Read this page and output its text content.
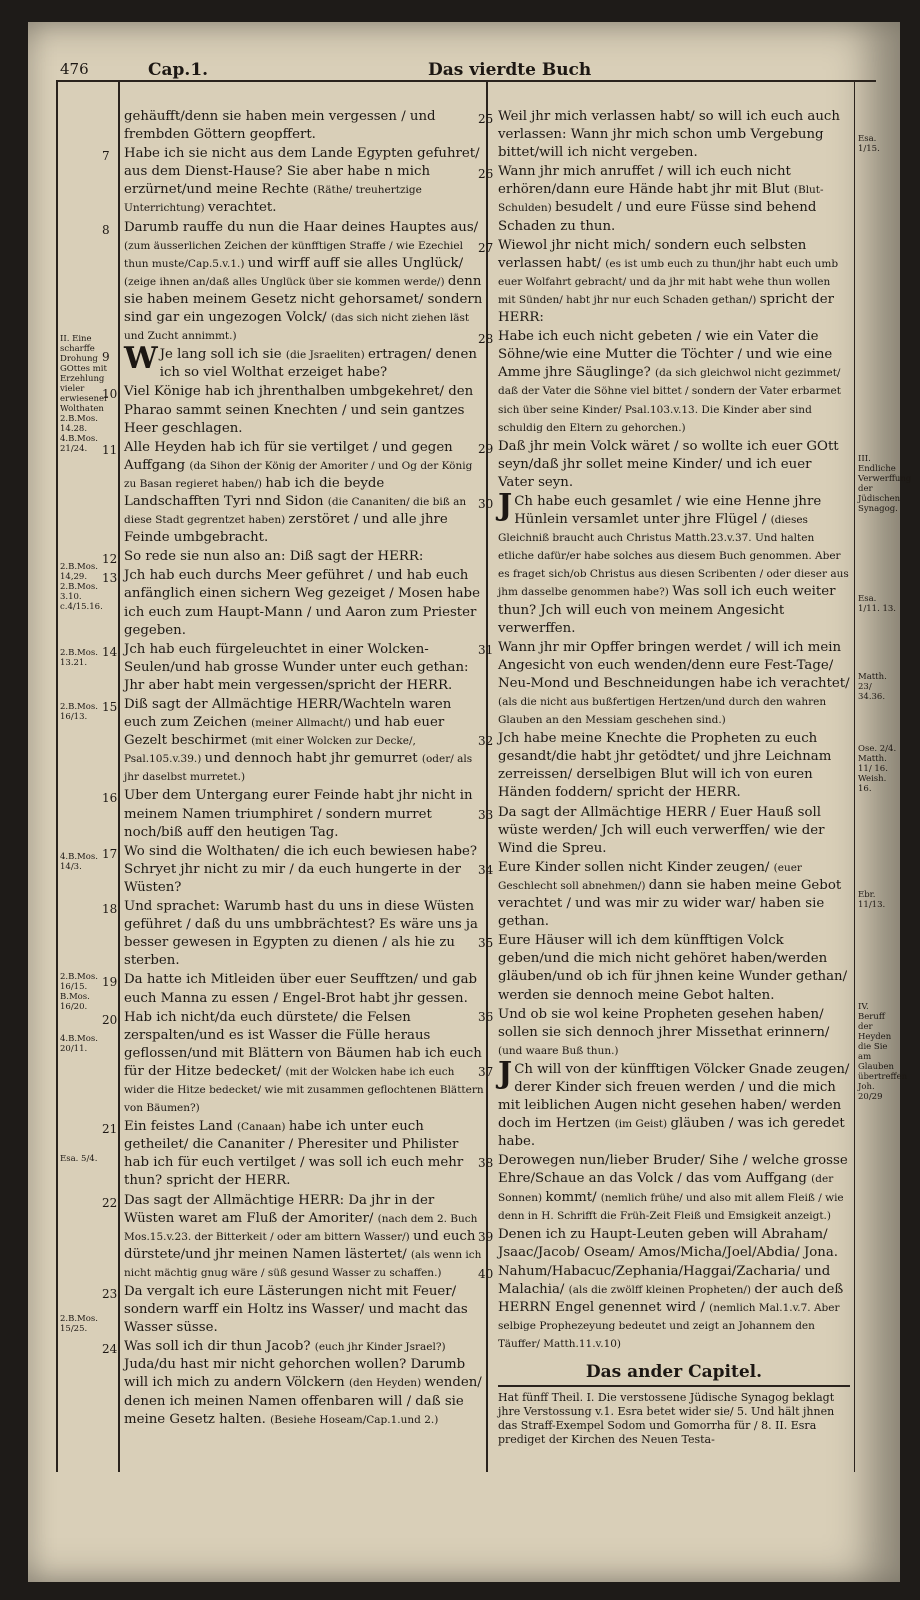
476	Cap.1.	Das vierdte Buch

gehäufft/denn sie haben mein vergessen / und frembden Göttern geopffert.

7 Habe ich sie nicht aus dem Lande Egypten gefuhret/ aus dem Dienst-Hause? Sie aber habe n mich erzürnet/und meine Rechte (Räthe/ treuhertzige Unterrichtung) verachtet.

8 Darumb rauffe du nun die Haar deines Hauptes aus/ (zum äusserlichen Zeichen der künfftigen Straffe / wie Ezechiel thun muste/Cap.5.v.1.) und wirff auff sie alles Unglück/ (zeige ihnen an/daß alles Unglück über sie kommen werde/) denn sie haben meinem Gesetz nicht gehorsamet/ sondern sind gar ein ungezogen Volck/ (das sich nicht ziehen läst und Zucht annimmt.)

9 W Je lang soll ich sie (die Jsraeliten) ertragen/ denen ich so viel Wolthat erzeiget habe?

10 Viel Könige hab ich jhrenthalben umbgekehret/ den Pharao sammt seinen Knechten / und sein gantzes Heer geschlagen.

11 Alle Heyden hab ich für sie vertilget / und gegen Auffgang (da Sihon der König der Amoriter / und Og der König zu Basan regieret haben/) hab ich die beyde Landschafften Tyri nnd Sidon (die Cananiten/ die biß an diese Stadt gegrentzet haben) zerstöret / und alle jhre Feinde umbgebracht.

12 So rede sie nun also an: Diß sagt der HERR:

13 Jch hab euch durchs Meer geführet / und hab euch anfänglich einen sichern Weg gezeiget / Mosen habe ich euch zum Haupt-Mann / und Aaron zum Priester gegeben.

14 Jch hab euch fürgeleuchtet in einer Wolcken-Seulen/und hab grosse Wunder unter euch gethan: Jhr aber habt mein vergessen/spricht der HERR.

15 Diß sagt der Allmächtige HERR/Wachteln waren euch zum Zeichen (meiner Allmacht/) und hab euer Gezelt beschirmet (mit einer Wolcken zur Decke/, Psal.105.v.39.) und dennoch habt jhr gemurret (oder/ als jhr daselbst murretet.)

16 Uber dem Untergang eurer Feinde habt jhr nicht in meinem Namen triumphiret / sondern murret noch/biß auff den heutigen Tag.

17 Wo sind die Wolthaten/ die ich euch bewiesen habe? Schryet jhr nicht zu mir / da euch hungerte in der Wüsten?

18 Und sprachet: Warumb hast du uns in diese Wüsten geführet / daß du uns umbbrächtest? Es wäre uns ja besser gewesen in Egypten zu dienen / als hie zu sterben.

19 Da hatte ich Mitleiden über euer Seufftzen/ und gab euch Manna zu essen / Engel-Brot habt jhr gessen.

20 Hab ich nicht/da euch dürstete/ die Felsen zerspalten/und es ist Wasser die Fülle heraus geflossen/und mit Blättern von Bäumen hab ich euch für der Hitze bedecket/ (mit der Wolcken habe ich euch wider die Hitze bedecket/ wie mit zusammen geflochtenen Blättern von Bäumen?)

21 Ein feistes Land (Canaan) habe ich unter euch getheilet/ die Cananiter / Pheresiter und Philister hab ich für euch vertilget / was soll ich euch mehr thun? spricht der HERR.

22 Das sagt der Allmächtige HERR: Da jhr in der Wüsten waret am Fluß der Amoriter/ (nach dem 2. Buch Mos.15.v.23. der Bitterkeit / oder am bittern Wasser/) und euch dürstete/und jhr meinen Namen lästertet/ (als wenn ich nicht mächtig gnug wäre / süß gesund Wasser zu schaffen.)

23 Da vergalt ich eure Lästerungen nicht mit Feuer/ sondern warff ein Holtz ins Wasser/ und macht das Wasser süsse.

24 Was soll ich dir thun Jacob? (euch jhr Kinder Jsrael?) Juda/du hast mir nicht gehorchen wollen? Darumb will ich mich zu andern Völckern (den Heyden) wenden/ denen ich meinen Namen offenbaren will / daß sie meine Gesetz halten. (Besiehe Hoseam/Cap.1.und 2.)

25 Weil jhr mich verlassen habt/ so will ich euch auch verlassen: Wann jhr mich schon umb Vergebung bittet/will ich nicht vergeben.

26 Wann jhr mich anruffet / will ich euch nicht erhören/dann eure Hände habt jhr mit Blut (Blut-Schulden) besudelt / und eure Füsse sind behend Schaden zu thun.

27 Wiewol jhr nicht mich/ sondern euch selbsten verlassen habt/ (es ist umb euch zu thun/jhr habt euch umb euer Wolfahrt gebracht/ und da jhr mit habt wehe thun wollen mit Sünden/ habt jhr nur euch Schaden gethan/) spricht der HERR:

28 Habe ich euch nicht gebeten / wie ein Vater die Söhne/wie eine Mutter die Töchter / und wie eine Amme jhre Säuglinge? (da sich gleichwol nicht gezimmet/ daß der Vater die Söhne viel bittet / sondern der Vater erbarmet sich über seine Kinder/ Psal.103.v.13. Die Kinder aber sind schuldig den Eltern zu gehorchen.)

29 Daß jhr mein Volck wäret / so wollte ich euer GOtt seyn/daß jhr sollet meine Kinder/ und ich euer Vater seyn.

30 J Ch habe euch gesamlet / wie eine Henne jhre Hünlein versamlet unter jhre Flügel / (dieses Gleichniß braucht auch Christus Matth.23.v.37. Und halten etliche dafür/er habe solches aus diesem Buch genommen. Aber es fraget sich/ob Christus aus diesen Scribenten / oder dieser aus jhm dasselbe genommen habe?) Was soll ich euch weiter thun? Jch will euch von meinem Angesicht verwerffen.

31 Wann jhr mir Opffer bringen werdet / will ich mein Angesicht von euch wenden/denn eure Fest-Tage/ Neu-Mond und Beschneidungen habe ich verachtet/ (als die nicht aus bußfertigen Hertzen/und durch den wahren Glauben an den Messiam geschehen sind.)

32 Jch habe meine Knechte die Propheten zu euch gesandt/die habt jhr getödtet/ und jhre Leichnam zerreissen/ derselbigen Blut will ich von euren Händen foddern/ spricht der HERR.

33 Da sagt der Allmächtige HERR / Euer Hauß soll wüste werden/ Jch will euch verwerffen/ wie der Wind die Spreu.

34 Eure Kinder sollen nicht Kinder zeugen/ (euer Geschlecht soll abnehmen/) dann sie haben meine Gebot verachtet / und was mir zu wider war/ haben sie gethan.

35 Eure Häuser will ich dem künfftigen Volck geben/und die mich nicht gehöret haben/werden gläuben/und ob ich für jhnen keine Wunder gethan/ werden sie dennoch meine Gebot halten.

36 Und ob sie wol keine Propheten gesehen haben/ sollen sie sich dennoch jhrer Missethat erinnern/ (und waare Buß thun.)

37 J Ch will von der künfftigen Völcker Gnade zeugen/ derer Kinder sich freuen werden / und die mich mit leiblichen Augen nicht gesehen haben/ werden doch im Hertzen (im Geist) gläuben / was ich geredet habe.

38 Derowegen nun/lieber Bruder/ Sihe / welche grosse Ehre/Schaue an das Volck / das vom Auffgang (der Sonnen) kommt/ (nemlich frühe/ und also mit allem Fleiß / wie denn in H. Schrifft die Früh-Zeit Fleiß und Emsigkeit anzeigt.)

39 Denen ich zu Haupt-Leuten geben will Abraham/ Jsaac/Jacob/ Oseam/ Amos/Micha/Joel/Abdia/ Jona.

40 Nahum/Habacuc/Zephania/Haggai/Zacharia/ und Malachia/ (als die zwölff kleinen Propheten/) der auch deß HERRN Engel genennet wird / (nemlich Mal.1.v.7. Aber selbige Prophezeyung bedeutet und zeigt an Johannem den Täuffer/ Matth.11.v.10)

Das ander Capitel.
Hat fünff Theil. I. Die verstossene Jüdische Synagog beklagt jhre Verstossung v.1. Esra betet wider sie/ 5. Und hält jhnen das Straff-Exempel Sodom und Gomorrha für / 8. II. Esra prediget der Kirchen des Neuen Testa-
II. Eine scharffe Drohung GOttes mit Erzehlung vieler erwiesener Wolthaten 2.B.Mos. 14.28. 4.B.Mos. 21/24.
2.B.Mos. 14,29. 2.B.Mos. 3.10. c.4/15.16.
2.B.Mos. 13.21.
2.B.Mos. 16/13.
4.B.Mos. 14/3.
2.B.Mos. 16/15. B.Mos. 16/20.
4.B.Mos. 20/11.
Esa. 5/4.
2.B.Mos. 15/25.
Esa. 1/15.
III. Endliche Verwerffung der Jüdischen Synagog.
Esa. 1/11. 13.
Matth. 23/ 34.36.
Ose. 2/4. Matth. 11/ 16. Weish. 16.
Ebr. 11/13.
IV. Beruff der Heyden die Sie am Glauben übertreffen Joh. 20/29
